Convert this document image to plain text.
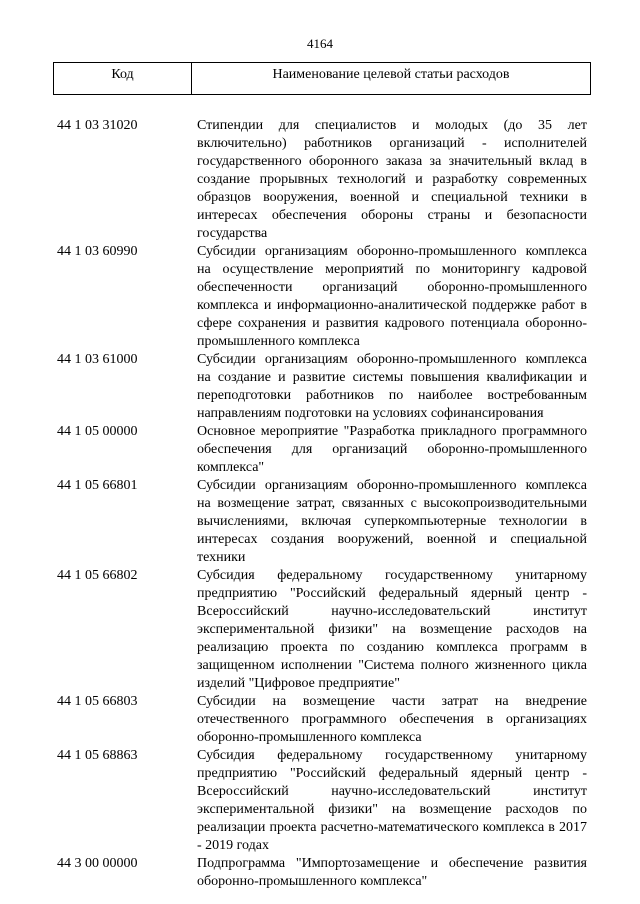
4164
Код	Наименование целевой статьи расходов
44 1 03 31020	Стипендии для специалистов и молодых (до 35 лет включительно) работников организаций - исполнителей государственного оборонного заказа за значительный вклад в создание прорывных технологий и разработку современных образцов вооружения, военной и специальной техники в интересах обеспечения обороны страны и безопасности государства
44 1 03 60990	Субсидии организациям оборонно-промышленного комплекса на осуществление мероприятий по мониторингу кадровой обеспеченности организаций оборонно-промышленного комплекса и информационно-аналитической поддержке работ в сфере сохранения и развития кадрового потенциала оборонно-промышленного комплекса
44 1 03 61000	Субсидии организациям оборонно-промышленного комплекса на создание и развитие системы повышения квалификации и переподготовки работников по наиболее востребованным направлениям подготовки на условиях софинансирования
44 1 05 00000	Основное мероприятие "Разработка прикладного программного обеспечения для организаций оборонно-промышленного комплекса"
44 1 05 66801	Субсидии организациям оборонно-промышленного комплекса на возмещение затрат, связанных с высокопроизводительными вычислениями, включая суперкомпьютерные технологии в интересах создания вооружений, военной и специальной техники
44 1 05 66802	Субсидия федеральному государственному унитарному предприятию "Российский федеральный ядерный центр - Всероссийский научно-исследовательский институт экспериментальной физики" на возмещение расходов на реализацию проекта по созданию комплекса программ в защищенном исполнении "Система полного жизненного цикла изделий "Цифровое предприятие"
44 1 05 66803	Субсидии на возмещение части затрат на внедрение отечественного программного обеспечения в организациях оборонно-промышленного комплекса
44 1 05 68863	Субсидия федеральному государственному унитарному предприятию "Российский федеральный ядерный центр - Всероссийский научно-исследовательский институт экспериментальной физики" на возмещение расходов по реализации проекта расчетно-математического комплекса в 2017 - 2019 годах
44 3 00 00000	Подпрограмма "Импортозамещение и обеспечение развития оборонно-промышленного комплекса"
